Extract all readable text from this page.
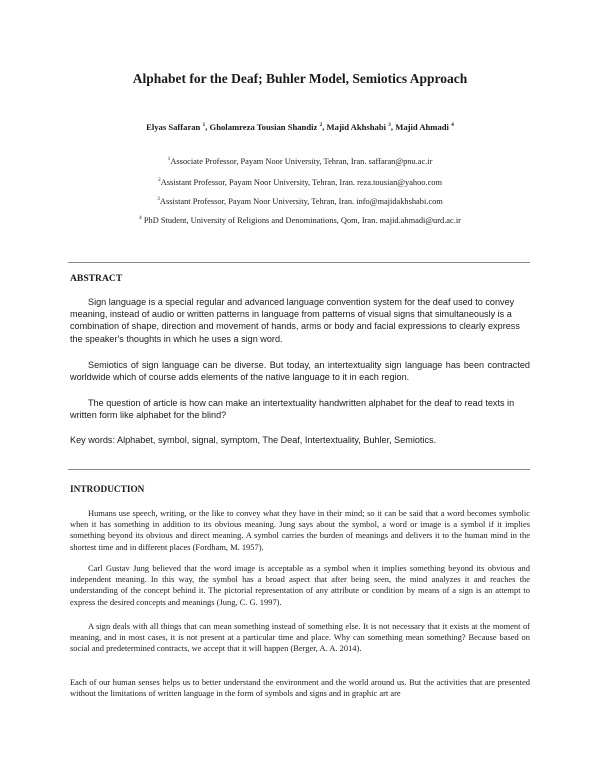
Alphabet for the Deaf; Buhler Model, Semiotics Approach
Elyas Saffaran $^1$, Gholamreza Tousian Shandiz $^2$, Majid Akhshabi $^3$, Majid Ahmadi $^4$
$^1$Associate Professor, Payam Noor University, Tehran, Iran. saffaran@pnu.ac.ir
$^2$Assistant Professor, Payam Noor University, Tehran, Iran. reza.tousian@yahoo.com
$^3$Assistant Professor, Payam Noor University, Tehran, Iran. info@majidakhshabi.com
$^4$ PhD Student, University of Religions and Denominations, Qom, Iran. majid.ahmadi@urd.ac.ir
ABSTRACT
Sign language is a special regular and advanced language convention system for the deaf used to convey meaning, instead of audio or written patterns in language from patterns of visual signs that simultaneously is a combination of shape, direction and movement of hands, arms or body and facial expressions to clearly express the speaker's thoughts in which he uses a sign word.
Semiotics of sign language can be diverse. But today, an intertextuality sign language has been contracted worldwide which of course adds elements of the native language to it in each region.
The question of article is how can make an intertextuality handwritten alphabet for the deaf to read texts in written form like alphabet for the blind?
Key words: Alphabet, symbol, signal, symptom, The Deaf, Intertextuality, Buhler, Semiotics.
INTRODUCTION
Humans use speech, writing, or the like to convey what they have in their mind; so it can be said that a word becomes symbolic when it has something in addition to its obvious meaning. Jung says about the symbol, a word or image is a symbol if it implies something beyond its obvious and direct meaning. A symbol carries the burden of meanings and delivers it to the human mind in the shortest time and in different places (Fordham, M. 1957).
Carl Gustav Jung believed that the word image is acceptable as a symbol when it implies something beyond its obvious and independent meaning. In this way, the symbol has a broad aspect that after being seen, the mind analyzes it and reaches the understanding of the concept behind it. The pictorial representation of any attribute or condition by means of a sign is an attempt to express the desired concepts and meanings (Jung, C. G. 1997).
A sign deals with all things that can mean something instead of something else. It is not necessary that it exists at the moment of meaning, and in most cases, it is not present at a particular time and place. Why can something mean something? Because based on social and predetermined contracts, we accept that it will happen (Berger, A. A. 2014).
Each of our human senses helps us to better understand the environment and the world around us. But the activities that are presented without the limitations of written language in the form of symbols and signs and in graphic art are
